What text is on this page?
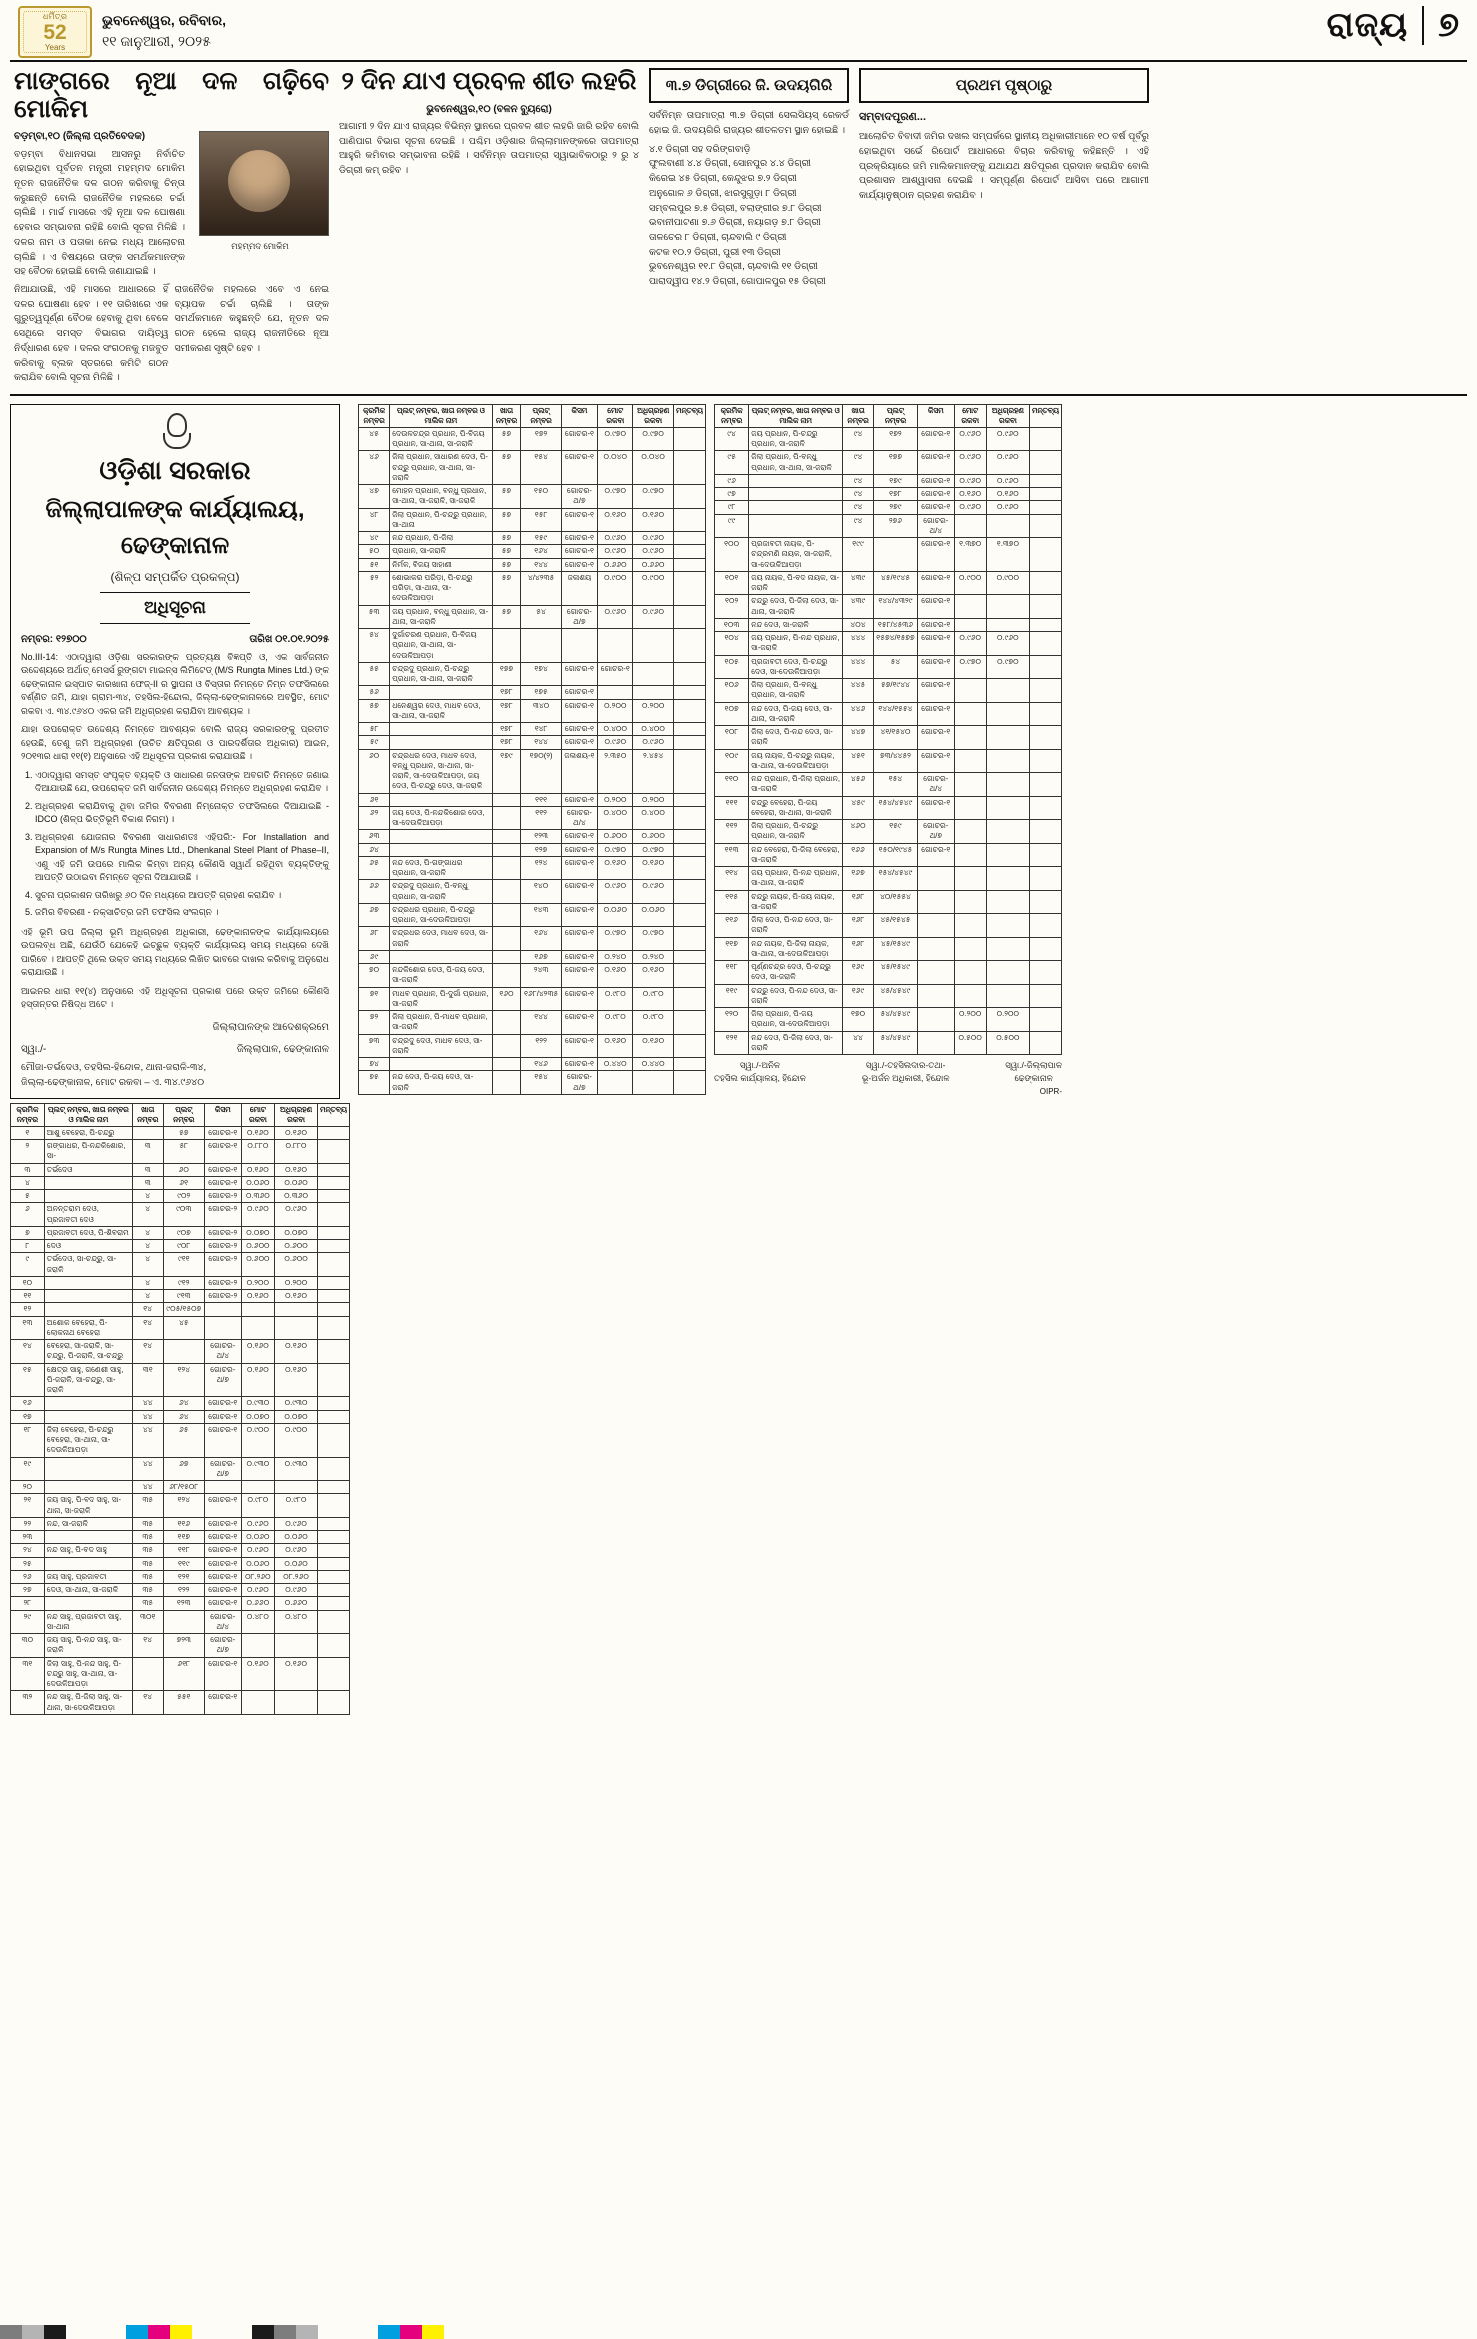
ଧର୍ମିତ୍ର
52
Years
ଭୁବନେଶ୍ୱର, ରବିବାର,
୧୧ ଜାନୁଆରୀ, ୨୦୨୫	ରାଜ୍ୟ ୭
ମାଙ୍ଗରେ ନୂଆ ଦଳ ଗଢ଼ିବେ ମୋକିମ
ବଡ଼ମ୍ବା,୧୦ (ଜିଲ୍ଲା ପ୍ରତିବେଦକ)
ବଡ଼ମ୍ବା ବିଧାନସଭା ଆସନରୁ ନିର୍ବାଚିତ ହୋଇଥିବା ପୂର୍ବତନ ମନ୍ତ୍ରୀ ମହମ୍ମଦ ମୋକିମ ନୂତନ ରାଜନୈତିକ ଦଳ ଗଠନ କରିବାକୁ ଚିନ୍ତା କରୁଛନ୍ତି ବୋଲି ରାଜନୈତିକ ମହଲରେ ଚର୍ଚ୍ଚା ଚାଲିଛି । ମାର୍ଚ୍ଚ ମାସରେ ଏହି ନୂଆ ଦଳ ଘୋଷଣା ହେବାର ସମ୍ଭାବନା ରହିଛି ବୋଲି ସୂଚନା ମିଳିଛି । ଦଳର ନାମ ଓ ପତାକା ନେଇ ମଧ୍ୟ ଆଲୋଚନା ଚାଲିଛି । ଏ ବିଷୟରେ ତାଙ୍କ ସମର୍ଥକମାନଙ୍କ ସହ ବୈଠକ ହୋଇଛି ବୋଲି ଜଣାଯାଇଛି ।
ମହମ୍ମଦ ମୋକିମ
ନିଆଯାଉଛି, ଏହି ମାସରେ ଆଧାରରେ ହିଁ ଦଳର ଘୋଷଣା ହେବ । ୧୧ ତାରିଖରେ ଏକ ଗୁରୁତ୍ୱପୂର୍ଣ୍ଣ ବୈଠକ ହେବାକୁ ଥିବା ବେଳେ ସେଥିରେ ସମସ୍ତ ବିଭାଗର ଦାୟିତ୍ୱ ନିର୍ଦ୍ଧାରଣ ହେବ । ଦଳର ସଂଗଠନକୁ ମଜବୁତ କରିବାକୁ ବ୍ଲକ ସ୍ତରରେ କମିଟି ଗଠନ କରାଯିବ ବୋଲି ସୂଚନା ମିଳିଛି ।
ରାଜନୈତିକ ମହଲରେ ଏବେ ଏ ନେଇ ବ୍ୟାପକ ଚର୍ଚ୍ଚା ଚାଲିଛି । ତାଙ୍କ ସମର୍ଥକମାନେ କହୁଛନ୍ତି ଯେ, ନୂତନ ଦଳ ଗଠନ ହେଲେ ରାଜ୍ୟ ରାଜନୀତିରେ ନୂଆ ସମୀକରଣ ସୃଷ୍ଟି ହେବ ।
୨ ଦିନ ଯାଏ ପ୍ରବଳ ଶୀତ ଲହରି
ଭୁବନେଶ୍ୱର,୧୦ (ବଳନ ବ୍ୟୁରୋ)
ଆଗାମୀ ୨ ଦିନ ଯାଏ ରାଜ୍ୟର ବିଭିନ୍ନ ସ୍ଥାନରେ ପ୍ରବଳ ଶୀତ ଲହରି ଜାରି ରହିବ ବୋଲି ପାଣିପାଗ ବିଭାଗ ସୂଚନା ଦେଇଛି । ପଶ୍ଚିମ ଓଡ଼ିଶାର ଜିଲ୍ଲାମାନଙ୍କରେ ତାପମାତ୍ରା ଆହୁରି କମିବାର ସମ୍ଭାବନା ରହିଛି । ସର୍ବନିମ୍ନ ତାପମାତ୍ରା ସ୍ୱାଭାବିକଠାରୁ ୨ ରୁ ୪ ଡିଗ୍ରୀ କମ୍ ରହିବ ।
୩.୭ ଡିଗ୍ରୀରେ ଜି. ଉଦୟଗିରି
ସର୍ବନିମ୍ନ ତାପମାତ୍ରା ୩.୭ ଡିଗ୍ରୀ ସେଲସିୟସ୍ ରେକର୍ଡ ହୋଇ ଜି. ଉଦୟଗିରି ରାଜ୍ୟର ଶୀତଳତମ ସ୍ଥାନ ହୋଇଛି ।
୪.୧ ଡିଗ୍ରୀ ସହ ଦରିଙ୍ଗବାଡ଼ି
ଫୁଲବାଣୀ ୪.୪ ଡିଗ୍ରୀ, ସୋନପୁର ୪.୪ ଡିଗ୍ରୀ
କିରେଇ ୪୫ ଡିଗ୍ରୀ, କେନ୍ଦୁଝର ୭.୨ ଡିଗ୍ରୀ
ଅନୁଗୋଳ ୬ ଡିଗ୍ରୀ, ଝାରସୁଗୁଡ଼ା ୮ ଡିଗ୍ରୀ
ସମ୍ବଲପୁର ୭.୫ ଡିଗ୍ରୀ, ବଲାଙ୍ଗୀର ୭.୮ ଡିଗ୍ରୀ
ଭବାନୀପାଟଣା ୭.୬ ଡିଗ୍ରୀ, ନୟାଗଡ଼ ୭.୮ ଡିଗ୍ରୀ
ତାଳଚେର ୮ ଡିଗ୍ରୀ, ଚାନ୍ଦବାଲି ୯ ଡିଗ୍ରୀ
କଟକ ୧୦.୨ ଡିଗ୍ରୀ, ପୁରୀ ୧୩ ଡିଗ୍ରୀ
ଭୁବନେଶ୍ୱର ୧୧.୮ ଡିଗ୍ରୀ, ଚାନ୍ଦବାଲି ୧୧ ଡିଗ୍ରୀ
ପାରାଦ୍ୱୀପ ୧୪.୨ ଡିଗ୍ରୀ, ଗୋପାଳପୁର ୧୫ ଡିଗ୍ରୀ
ପ୍ରଥମ ପୃଷ୍ଠାରୁ
ସମ୍ବାଦପୂରଣ...
ଆଲୋଚିତ ବିବାଦୀ ଜମିର ଦଖଲ ସମ୍ପର୍କରେ ସ୍ଥାନୀୟ ଅଧିକାରୀମାନେ ୧୦ ବର୍ଷ ପୂର୍ବରୁ ହୋଇଥିବା ସର୍ଭେ ରିପୋର୍ଟ ଆଧାରରେ ବିଚାର କରିବାକୁ କହିଛନ୍ତି । ଏହି ପ୍ରକ୍ରିୟାରେ ଜମି ମାଲିକମାନଙ୍କୁ ଯଥାଯଥ କ୍ଷତିପୂରଣ ପ୍ରଦାନ କରାଯିବ ବୋଲି ପ୍ରଶାସନ ଆଶ୍ୱାସନା ଦେଇଛି । ସମ୍ପୂର୍ଣ୍ଣ ରିପୋର୍ଟ ଆସିବା ପରେ ଆଗାମୀ କାର୍ଯ୍ୟାନୁଷ୍ଠାନ ଗ୍ରହଣ କରାଯିବ ।
ଓଡ଼ିଶା ସରକାର
ଜିଲ୍ଲାପାଳଙ୍କ କାର୍ଯ୍ୟାଲୟ, ଢେଙ୍କାନାଳ
(ଶିଳ୍ପ ସମ୍ପର୍କିତ ପ୍ରକଳ୍ପ)
ଅଧିସୂଚନା
ନମ୍ବର: ୧୨୭୦୦	ତାରିଖ ୦୧.୦୧.୨୦୨୫

No.III-14: ଏଠାଦ୍ୱାରା ଓଡ଼ିଶା ସରକାରଙ୍କ ପ୍ରତ୍ୟକ୍ଷ ବିଜ୍ଞପ୍ତି ଓ, ଏକ ସାର୍ବଜନୀନ ଉଦ୍ଦେଶ୍ୟରେ ଅର୍ଥାତ୍ ମେସର୍ସ ରୁଙ୍ଗଟା ମାଇନ୍ସ ଲିମିଟେଡ୍ (M/S Rungta Mines Ltd.) ଙ୍କ ଢେଙ୍କାନାଳ ଇସ୍ପାତ କାରଖାନା ଫେଜ୍-II ର ସ୍ଥାପନା ଓ ବିସ୍ତାର ନିମନ୍ତେ ନିମ୍ନ ତଫସିଲରେ ବର୍ଣ୍ଣିତ ଜମି, ଯାହା ଗ୍ରାମ-୩୪, ତହସିଲ-ହିନ୍ଦୋଲ, ଜିଲ୍ଲା-ଢେଙ୍କାନାଳରେ ଅବସ୍ଥିତ, ମୋଟ ରକବା ଏ. ୩୪.୯୬୪୦ ଏକର ଜମି ଅଧିଗ୍ରହଣ କରାଯିବା ଆବଶ୍ୟକ ।

ଯାହା ଉପରୋକ୍ତ ଉଦ୍ଦେଶ୍ୟ ନିମନ୍ତେ ଆବଶ୍ୟକ ବୋଲି ରାଜ୍ୟ ସରକାରଙ୍କୁ ପ୍ରତୀତ ହେଉଛି, ତେଣୁ ଜମି ଅଧିଗ୍ରହଣ (ଉଚିତ କ୍ଷତିପୂରଣ ଓ ପାରଦର୍ଶିତାର ଅଧିକାର) ଆଇନ, ୨୦୧୩ର ଧାରା ୧୧(୧) ଅନୁସାରେ ଏହି ଅଧିସୂଚନା ପ୍ରକାଶ କରାଯାଉଛି ।

1. ଏଠାଦ୍ୱାରା ସମସ୍ତ ସଂପୃକ୍ତ ବ୍ୟକ୍ତି ଓ ସାଧାରଣ ଜନତାଙ୍କ ଅବଗତି ନିମନ୍ତେ ଜଣାଇ ଦିଆଯାଉଛି ଯେ, ଉପରୋକ୍ତ ଜମି ସାର୍ବଜନୀନ ଉଦ୍ଦେଶ୍ୟ ନିମନ୍ତେ ଅଧିଗ୍ରହଣ କରାଯିବ ।
2. ଅଧିଗ୍ରହଣ କରାଯିବାକୁ ଥିବା ଜମିର ବିବରଣୀ ନିମ୍ନୋକ୍ତ ତଫସିଲରେ ଦିଆଯାଇଛି - IDCO (ଶିଳ୍ପ ଭିତ୍ତିଭୂମି ବିକାଶ ନିଗମ) ।
3. ଅଧିଗ୍ରହଣ ଯୋଜନାର ବିବରଣୀ ସାଧାରଣତଃ ଏହିପରି:- For Installation and Expansion of M/s Rungta Mines Ltd., Dhenkanal Steel Plant of Phase–II, ଏଣୁ ଏହି ଜମି ଉପରେ ମାଲିକ କିମ୍ବା ଅନ୍ୟ କୌଣସି ସ୍ୱାର୍ଥ ରହିଥିବା ବ୍ୟକ୍ତିଙ୍କୁ ଆପତ୍ତି ଉଠାଇବା ନିମନ୍ତେ ସୂଚନା ଦିଆଯାଉଛି ।
4. ସୁଚନା ପ୍ରକାଶନ ତାରିଖରୁ ୬୦ ଦିନ ମଧ୍ୟରେ ଆପତ୍ତି ଗ୍ରହଣ କରାଯିବ ।
5. ଜମିର ବିବରଣୀ - ନକ୍ସାଚିତ୍ର ଜମି ତଫସିଲ ସଂଲଗ୍ନ ।

ଏହି ଭୂମି ଉପ ଜିଲ୍ଲା ଭୂମି ଅଧିଗ୍ରହଣ ଅଧିକାରୀ, ଢେଙ୍କାନାଳଙ୍କ କାର୍ଯ୍ୟାଲୟରେ ଉପଲବ୍ଧ ଅଛି, ଯେଉଁଠି ଯେକେହି ଇଚ୍ଛୁକ ବ୍ୟକ୍ତି କାର୍ଯ୍ୟାଲୟ ସମୟ ମଧ୍ୟରେ ଦେଖି ପାରିବେ । ଆପତ୍ତି ଥିଲେ ଉକ୍ତ ସମୟ ମଧ୍ୟରେ ଲିଖିତ ଭାବରେ ଦାଖଲ କରିବାକୁ ଅନୁରୋଧ କରାଯାଉଛି ।

ଆଇନର ଧାରା ୧୧(୪) ଅନୁସାରେ ଏହି ଅଧିସୂଚନା ପ୍ରକାଶ ପରେ ଉକ୍ତ ଜମିରେ କୌଣସି ହସ୍ତାନ୍ତର ନିଷିଦ୍ଧ ଅଟେ ।

ଜିଲ୍ଲାପାଳଙ୍କ ଆଦେଶକ୍ରମେ
ସ୍ୱା./-	ଜିଲ୍ଲାପାଳ, ଢେଙ୍କାନାଳ
ମୌଜା-ତର୍ଭଦେଓ, ତହସିଲ-ହିନ୍ଦୋଳ, ଥାନା-ଜରାଳି-୩୪,
ଜିଲ୍ଲା-ଢେଙ୍କାନାଳ, ମୋଟ ରକବା – ଏ. ୩୪.୯୬୪୦
କ୍ରମିକ ନମ୍ବର	ପ୍ଲଟ୍ ନମ୍ବର, ଖାତା ନମ୍ବର ଓ ମାଲିକ ନାମ	ଖାତା ନମ୍ବର	ପ୍ଲଟ୍ ନମ୍ବର	କିସମ	ମୋଟ ରକବା	ଅଧିଗ୍ରହଣ ରକବା	ମନ୍ତବ୍ୟ
୧	ଆଶୁ ବେହେରା, ପି-ଚନ୍ଦ୍ରୁ		୫୭	ଗୋଚର-୧	୦.୧୬୦	୦.୧୬୦	
୨	ଗଙ୍ଗାଧର, ପି-ନନ୍ଦକିଶୋର, ସା-	୩	୫୮	ଗୋଚର-୧	୦.୮୮୦	୦.୮୮୦	
୩	ତର୍ଭଦେଓ	୩	୬୦	ଗୋଚର-୧	୦.୧୬୦	୦.୧୬୦	
୪		୩	୬୧	ଗୋଚର-୧	୦.୦୬୦	୦.୦୬୦	
୫		୪	୯୦୨	ଗୋଚର-୨	୦.୩୬୦	୦.୩୬୦	
୬	ଅନନ୍ତରାମ ଦେଓ, ପ୍ରଜାବତୀ ଦେଓ	୪	୯୦୩	ଗୋଚର-୨	୦.୯୬୦	୦.୯୬୦	
୭	ପ୍ରଜାବତୀ ଦେଓ, ପି-ଶିବରାମ	୪	୯୦୭	ଗୋଚର-୨	୦.୦୭୦	୦.୦୭୦	
୮	ଦେଓ	୪	୯୦୮	ଗୋଚର-୨	୦.୬୦୦	୦.୬୦୦	
୯	ତର୍ଭଦେଓ, ସା-ଚନ୍ଦ୍ରୁ, ସା-ଜରାଳି	୪	୯୧୧	ଗୋଚର-୨	୦.୬୦୦	୦.୬୦୦	
୧୦		୪	୯୧୨	ଗୋଚର-୨	୦.୨୦୦	୦.୨୦୦	
୧୧		୪	୯୧୩	ଗୋଚର-୨	୦.୧୬୦	୦.୧୬୦	
୧୨		୧୪	୯୦୫/୧୫୦୭				
୧୩	ଅଶୋକ ବେହେରା, ପି-ଲୋକନାଥ ବେହେରା	୧୪	୪୫				
୧୪	ବେହେରା, ସା-ଜରାଳି, ସା-ଚନ୍ଦ୍ରୁ, ପି-ଜରାଳି, ସା-ଚନ୍ଦ୍ରୁ	୧୪		ଗୋଚର-ଥ/୪	୦.୧୬୦	୦.୧୬୦	
୧୫	କ୍ଷେତ୍ର ସାହୁ, ଗଣେଶୀ ସାହୁ, ପି-ଜରାଳି, ସା-ଚନ୍ଦ୍ରୁ, ସା-ଜରାଳି	୩୧	୧୨୪	ଗୋଚର-ଥ/୭	୦.୧୬୦	୦.୧୬୦	
୧୬		୪୪	୬୪	ଗୋଚର-୧	୦.୯୩୦	୦.୯୩୦	
୧୭		୪୪	୬୪	ଗୋଚର-୧	୦.୦୭୦	୦.୦୭୦	
୧୮	ଜିଲା ବେହେରା, ପି-ଚନ୍ଦ୍ରୁ ବେହେରା, ସା-ଥାନା, ସା-ଦେଉଳିଆପଡ଼ା	୪୪	୬୫	ଗୋଚର-୧	୦.୯୦୦	୦.୯୦୦	
୧୯		୪୪	୬୭	ଗୋଚର-ଥ/୭	୦.୯୩୦	୦.୯୩୦	
୨୦		୪୪	୬୮/୧୫୦୮				
୨୧	ଜୟ ସାହୁ, ପି-ବଦ ସାହୁ, ସା-ଥାନା, ସା-ଜରାଳି	୩୫	୧୨୪	ଗୋଚର-୧	୦.୯୮୦	୦.୯୮୦	
୨୨	ନନ୍ଦ, ସା-ଜରାଳି	୩୫	୧୧୬	ଗୋଚର-୧	୦.୯୬୦	୦.୯୬୦	
୨୩		୩୫	୧୧୭	ଗୋଚର-୧	୦.୦୬୦	୦.୦୬୦	
୨୪	ନନ୍ଦ ସାହୁ, ପି-ବଦ ସାହୁ	୩୫	୧୧୮	ଗୋଚର-୧	୦.୯୬୦	୦.୯୬୦	
୨୫		୩୫	୧୧୯	ଗୋଚର-୧	୦.୦୬୦	୦.୦୬୦	
୨୬	ଜୟ ସାହୁ, ପ୍ରଜାବତୀ	୩୫	୧୨୧	ଗୋଚର-୧	୦୮.୨୬୦	୦୮.୨୬୦	
୨୭	ଦେଓ, ସା-ଥାନା, ସା-ଜରାଳି	୩୫	୧୨୨	ଗୋଚର-୧	୦.୯୬୦	୦.୯୬୦	
୨୮		୩୫	୧୨୩	ଗୋଚର-୧	୦.୬୬୦	୦.୬୬୦	
୨୯	ନନ୍ଦ ସାହୁ, ପ୍ରଜାବତୀ ସାହୁ, ସା-ଥାନା	୩୦୧		ଗୋଚର-ଥ/୪	୦.୪୮୦	୦.୪୮୦	
୩୦	ଜୟ ସାହୁ, ପି-ନନ୍ଦ ସାହୁ, ସା-ଜରାଳି	୧୪	୭୨୩	ଗୋଚର-ଥ/୭			
୩୧	ଜିଲା ସାହୁ, ପି-ନନ୍ଦ ସାହୁ, ପି-ଚନ୍ଦ୍ରୁ ସାହୁ, ସା-ଥାନା, ସା-ଦେଉଳିଆପଡ଼ା		୬୧୮	ଗୋଚର-୧	୦.୧୬୦	୦.୧୬୦	
୩୨	ନନ୍ଦ ସାହୁ, ପି-ଜିଲା ସାହୁ, ସା-ଥାନା, ସା-ଦେଉଳିଆପଡ଼ା	୧୪	୫୫୧	ଗୋଚର-୧			
କ୍ରମିକ ନମ୍ବର	ପ୍ଲଟ୍ ନମ୍ବର, ଖାତା ନମ୍ବର ଓ ମାଲିକ ନାମ	ଖାତା ନମ୍ବର	ପ୍ଲଟ୍ ନମ୍ବର	କିସମ	ମୋଟ ରକବା	ଅଧିଗ୍ରହଣ ରକବା	ମନ୍ତବ୍ୟ
୪୫	ଦେଉଳଚନ୍ଦ୍ର ପ୍ରଧାନ, ପି-ବିଜୟ ପ୍ରଧାନ, ସା-ଥାନା, ସା-ଜରାଳି	୫୭	୧୭୨	ଗୋଚର-୧	୦.୯୭୦	୦.୯୭୦	
୪୬	ଜିଲା ପ୍ରଧାନ, ସାଧାରଣ ଦେଓ, ପି-ଚନ୍ଦ୍ରୁ ପ୍ରଧାନ, ସା-ଥାନା, ସା-ଜରାଳି	୫୭	୧୫୪	ଗୋଚର-୧	୦.୦୪୦	୦.୦୪୦	
୪୭	ମୋହନ ପ୍ରଧାନ, ବନ୍ଧୁ ପ୍ରଧାନ, ସା-ଥାନା, ସା-ଜରାଳି, ସା-ଜରାଳି	୫୭	୧୫୦	ଗୋଚର-ଥ/୭	୦.୯୭୦	୦.୯୭୦	
୪୮	ଜିଲା ପ୍ରଧାନ, ପି-ଚନ୍ଦ୍ରୁ ପ୍ରଧାନ, ସା-ଥାନା	୫୭	୧୫୮	ଗୋଚର-୧	୦.୧୬୦	୦.୧୬୦	
୪୯	ନନ୍ଦ ପ୍ରଧାନ, ପି-ଜିଲା	୫୭	୧୫୯	ଗୋଚର-୧	୦.୯୬୦	୦.୯୬୦	
୫୦	ପ୍ରଧାନ, ସା-ଜରାଳି	୫୭	୧୬୪	ଗୋଚର-୧	୦.୯୬୦	୦.୯୬୦	
୫୧	ନିର୍ମଳ, ବିଜୟ ସାହାଣୀ	୫୭	୧୪୪	ଗୋଚର-୧	୦.୬୬୦	୦.୬୬୦	
୫୨	ଶୋଭାକର ପରିଡ଼ା, ପି-ଚନ୍ଦ୍ରୁ ପରିଡ଼ା, ସା-ଥାନା, ସା-ଦେଉଳିଆପଡ଼ା	୫୭	୪/୪୨୩୫	ଜଳାଶୟ	୦.୯୦୦	୦.୯୦୦	
୫୩	ଜୟ ପ୍ରଧାନ, ବନ୍ଧୁ ପ୍ରଧାନ, ସା-ଥାନା, ସା-ଜରାଳି	୫୭	୫୪	ଗୋଚର-ଥ/୭	୦.୯୬୦	୦.୯୬୦	
୫୪	ଦୁର୍ଗାଚରଣ ପ୍ରଧାନ, ପି-ବିଜୟ ପ୍ରଧାନ, ସା-ଥାନା, ସା-ଦେଉଳିଆପଡ଼ା						
୫୫	ଚନ୍ଦ୍ରଦୁ ପ୍ରଧାନ, ପି-ଚନ୍ଦ୍ରୁ ପ୍ରଧାନ, ସା-ଥାନା, ସା-ଜରାଳି	୧୭୭	୧୭୪	ଗୋଚର-୧	ଗୋଚର-୧		
୫୬		୧୭୮	୧୭୫	ଗୋଚର-୧			
୫୭	ଧନେଶ୍ୱର ଦେଓ, ମାଧବ ଦେଓ, ସା-ଥାନା, ସା-ଜରାଳି	୧୭୮	୩୪୦	ଗୋଚର-୧	୦.୨୦୦	୦.୨୦୦	
୫୮		୧୭୮	୧୪୮	ଗୋଚର-୧	୦.୪୦୦	୦.୪୦୦	
୫୯		୧୭୮	୧୪୪	ଗୋଚର-୧	୦.୯୬୦	୦.୯୬୦	
୬୦	ଚନ୍ଦ୍ରଧର ଦେଓ, ମାଧବ ଦେଓ, ବନ୍ଧୁ ପ୍ରଧାନ, ସା-ଥାନା, ସା-ଜରାଳି, ସା-ଦେଉଳିଆପଡ଼ା, ଜୟ ଦେଓ, ପି-ଚନ୍ଦ୍ରୁ ଦେଓ, ସା-ଜରାଳି	୧୭୯	୧୭୦(୨)	ଜଳାଶୟ-୧	୨.୩୫୦	୨.୪୫୪	
୬୧			୧୧୧	ଗୋଚର-୧	୦.୨୦୦	୦.୨୦୦	
୬୨	ଜୟ ଦେଓ, ପି-ନନ୍ଦକିଶୋର ଦେଓ, ସା-ଦେଉଳିଆପଡ଼ା		୧୧୨	ଗୋଚର-ଥ/୪	୦.୪୦୦	୦.୪୦୦	
୬୩			୧୨୩	ଗୋଚର-୧	୦.୬୦୦	୦.୬୦୦	
୬୪			୧୨୭	ଗୋଚର-୧	୦.୯୭୦	୦.୯୭୦	
୬୫	ନନ୍ଦ ଦେଓ, ପି-ଗଙ୍ଗାଧର ପ୍ରଧାନ, ସା-ଜରାଳି		୧୨୪	ଗୋଚର-୧	୦.୧୬୦	୦.୧୬୦	
୬୬	ଚନ୍ଦ୍ରଦୁ ପ୍ରଧାନ, ପି-ବନ୍ଧୁ ପ୍ରଧାନ, ସା-ଜରାଳି		୧୪୦	ଗୋଚର-୧	୦.୯୬୦	୦.୯୬୦	
୬୭	ଚନ୍ଦ୍ରଧର ପ୍ରଧାନ, ପି-ଚନ୍ଦ୍ରୁ ପ୍ରଧାନ, ସା-ଦେଉଳିଆପଡ଼ା		୧୪୩	ଗୋଚର-୧	୦.୦୬୦	୦.୦୬୦	
୬୮	ଚନ୍ଦ୍ରଧର ଦେଓ, ମାଧବ ଦେଓ, ସା-ଜରାଳି		୧୬୪	ଗୋଚର-୧	୦.୯୭୦	୦.୯୭୦	
୬୯			୧୬୭	ଗୋଚର-୧	୦.୨୪୦	୦.୨୪୦	
୭୦	ନନ୍ଦକିଶୋର ଦେଓ, ପି-ଜୟ ଦେଓ, ସା-ଜରାଳି		୨୪୩	ଗୋଚର-୧	୦.୧୬୦	୦.୧୬୦	
୭୧	ମାଧବ ପ୍ରଧାନ, ପି-ଦୁର୍ଗା ପ୍ରଧାନ, ସା-ଜରାଳି	୧୬୦	୧୬୮/୪୨୩୫	ଗୋଚର-୧	୦.୯୮୦	୦.୯୮୦	
୭୨	ଜିଲା ପ୍ରଧାନ, ପି-ମାଧବ ପ୍ରଧାନ, ସା-ଜରାଳି		୧୪୪	ଗୋଚର-୧	୦.୯୮୦	୦.୯୮୦	
୭୩	ଚନ୍ଦ୍ରଦୁ ଦେଓ, ମାଧବ ଦେଓ, ସା-ଜରାଳି		୧୨୨	ଗୋଚର-୧	୦.୧୬୦	୦.୧୬୦	
୭୪			୧୪୬	ଗୋଚର-୧	୦.୪୪୦	୦.୪୪୦	
୭୫	ନନ୍ଦ ଦେଓ, ପି-ଜୟ ଦେଓ, ସା-ଜରାଳି		୧୫୪	ଗୋଚର-ଥ/୭			
କ୍ରମିକ ନମ୍ବର	ପ୍ଲଟ୍ ନମ୍ବର, ଖାତା ନମ୍ବର ଓ ମାଲିକ ନାମ	ଖାତା ନମ୍ବର	ପ୍ଲଟ୍ ନମ୍ବର	କିସମ	ମୋଟ ରକବା	ଅଧିଗ୍ରହଣ ରକବା	ମନ୍ତବ୍ୟ
୯୪	ଜୟ ପ୍ରଧାନ, ପି-ଚନ୍ଦ୍ରୁ ପ୍ରଧାନ, ସା-ଜରାଳି	୯୪	୧୭୨	ଗୋଚର-୧	୦.୯୬୦	୦.୯୬୦	
୯୫	ଜିଲା ପ୍ରଧାନ, ପି-ବନ୍ଧୁ ପ୍ରଧାନ, ସା-ଥାନା, ସା-ଜରାଳି	୯୪	୧୭୭	ଗୋଚର-୧	୦.୯୬୦	୦.୯୬୦	
୯୬		୯୪	୧୭୯	ଗୋଚର-୧	୦.୯୬୦	୦.୯୬୦	
୯୭		୯୪	୧୭୮	ଗୋଚର-୧	୦.୧୬୦	୦.୧୬୦	
୯୮		୯୪	୨୭୯	ଗୋଚର-୧	୦.୯୬୦	୦.୯୬୦	
୯୯		୯୪	୨୭୬	ଗୋଚର-ଥ/୪			
୧୦୦	ପ୍ରଜାବତୀ ନାୟକ, ପି-ଚନ୍ଦ୍ରମଣି ନାୟକ, ସା-ଜରାଳି, ସା-ଦେଉଳିଆପଡ଼ା	୧୯୯		ଗୋଚର-୧	୧.୩୭୦	୧.୩୭୦	
୧୦୧	ଜୟ ନାୟକ, ପି-ବଦ ନାୟକ, ସା-ଜରାଳି	୪୩୯	୪୫/୧୯୪୫	ଗୋଚର-୧	୦.୯୦୦	୦.୯୦୦	
୧୦୨	ଚନ୍ଦ୍ରୁ ଦେଓ, ପି-ଜିଲା ଦେଓ, ସା-ଥାନା, ସା-ଜରାଳି	୪୩୯	୧୪୪/୪୩୨୯	ଗୋଚର-୧			
୧୦୩	ନନ୍ଦ ଦେଓ, ସା-ଜରାଳି	୪୦୪	୧୫୮/୪୫୩୬	ଗୋଚର-୧			
୧୦୪	ଜୟ ପ୍ରଧାନ, ପି-ନନ୍ଦ ପ୍ରଧାନ, ସା-ଜରାଳି	୪୪୪	୧୫୭୪/୧୫୭୭	ଗୋଚର-୧	୦.୯୬୦	୦.୯୬୦	
୧୦୫	ପ୍ରଜାବତୀ ଦେଓ, ପି-ଚନ୍ଦ୍ରୁ ଦେଓ, ସା-ଦେଉଳିଆପଡ଼ା	୪୪୪	୫୪	ଗୋଚର-୧	୦.୯୭୦	୦.୯୭୦	
୧୦୬	ଜିଲା ପ୍ରଧାନ, ପି-ବନ୍ଧୁ ପ୍ରଧାନ, ସା-ଜରାଳି	୪୪୫	୫୭/୧୯୪୪	ଗୋଚର-୧			
୧୦୭	ନନ୍ଦ ଦେଓ, ପି-ଜୟ ଦେଓ, ସା-ଥାନା, ସା-ଜରାଳି	୪୪୬	୧୪୪/୧୫୫୪	ଗୋଚର-୧			
୧୦୮	ଜିଲା ଦେଓ, ପି-ନନ୍ଦ ଦେଓ, ସା-ଜରାଳି	୪୪୭	୪୧/୧୫୪୦	ଗୋଚର-୧			
୧୦୯	ଜୟ ନାୟକ, ପି-ଚନ୍ଦ୍ରୁ ନାୟକ, ସା-ଥାନା, ସା-ଦେଉଳିଆପଡ଼ା	୪୫୧	୭୩/୪୪୫୨	ଗୋଚର-୧			
୧୧୦	ନନ୍ଦ ପ୍ରଧାନ, ପି-ଜିଲା ପ୍ରଧାନ, ସା-ଜରାଳି	୪୫୬	୧୫୪	ଗୋଚର-ଥ/୪			
୧୧୧	ଚନ୍ଦ୍ରୁ ବେହେରା, ପି-ଜୟ ବେହେରା, ସା-ଥାନା, ସା-ଜରାଳି	୪୫୯	୧୫୪/୪୫୪୯	ଗୋଚର-୧			
୧୧୨	ଜିଲା ପ୍ରଧାନ, ପି-ଚନ୍ଦ୍ରୁ ପ୍ରଧାନ, ସା-ଜରାଳି	୪୬୦	୧୫୯	ଗୋଚର-ଥ/୭			
୧୧୩	ନନ୍ଦ ବେହେରା, ପି-ଜିଲା ବେହେରା, ସା-ଜରାଳି	୧୬୬	୧୫୦/୧୯୪୫	ଗୋଚର-୧			
୧୧୪	ଜୟ ପ୍ରଧାନ, ପି-ନନ୍ଦ ପ୍ରଧାନ, ସା-ଥାନା, ସା-ଜରାଳି	୧୬୭	୧୫୪/୪୫୪୯				
୧୧୫	ଚନ୍ଦ୍ରୁ ନାୟକ, ପି-ଜୟ ନାୟକ, ସା-ଜରାଳି	୧୬୮	୪୦/୧୫୫୪				
୧୧୬	ଜିଲା ଦେଓ, ପି-ନନ୍ଦ ଦେଓ, ସା-ଜରାଳି	୧୬୮	୪୫/୧୫୪୫				
୧୧୭	ନନ୍ଦ ନାୟକ, ପି-ଜିଲା ନାୟକ, ସା-ଥାନା, ସା-ଦେଉଳିଆପଡ଼ା	୧୬୮	୪୫/୧୫୪୯				
୧୧୮	ପୂର୍ଣ୍ଣଚନ୍ଦ୍ର ଦେଓ, ପି-ଚନ୍ଦ୍ରୁ ଦେଓ, ସା-ଜରାଳି	୧୬୯	୪୫/୧୫୪୯				
୧୧୯	ଚନ୍ଦ୍ରୁ ଦେଓ, ପି-ନନ୍ଦ ଦେଓ, ସା-ଜରାଳି	୧୬୯	୪୫/୪୫୪୯				
୧୨୦	ଜିଲା ପ୍ରଧାନ, ପି-ଜୟ ପ୍ରଧାନ, ସା-ଦେଉଳିଆପଡ଼ା	୧୭୦	୫୪/୪୫୪୯		୦.୨୦୦	୦.୨୦୦	
୧୨୧	ନନ୍ଦ ଦେଓ, ପି-ଜିଲା ଦେଓ, ସା-ଜରାଳି	୪୪	୫୪/୪୫୪୯		୦.୫୦୦	୦.୫୦୦	
ସ୍ୱା./-ଅନିଳ
ତହସିଲ କାର୍ଯ୍ୟାଳୟ, ହିନ୍ଦୋଳ
ସ୍ୱା./-ତହସିଲଦାର-ତଥା-
ଭୂ-ଅର୍ଜନ ଅଧିକାରୀ, ହିନ୍ଦୋଳ
ସ୍ୱା./-ଜିଲ୍ଲାପାଳ
ଢେଙ୍କାନାଳ
OIPR-
